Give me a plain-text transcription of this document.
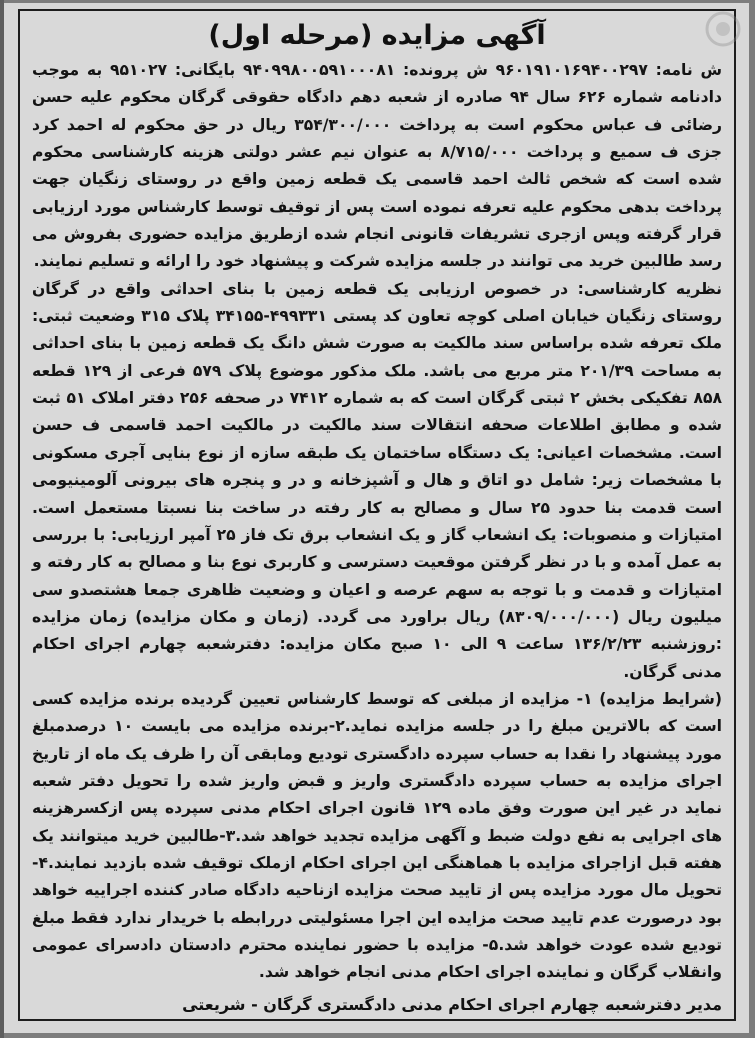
آگهی مزایده (مرحله اول)

ش نامه: ۹۶۰۱۹۱۰۱۶۹۴۰۰۲۹۷ ش پرونده: ۹۴۰۹۹۸۰۰۵۹۱۰۰۰۸۱ بایگانی: ۹۵۱۰۲۷ به موجب دادنامه شماره ۶۲۶ سال ۹۴ صادره از شعبه دهم دادگاه حقوقی گرگان محکوم علیه حسن رضائی ف عباس محکوم است به پرداخت ۳۵۴/۳۰۰/۰۰۰ ریال در حق محکوم له احمد کرد جزی ف سمیع و پرداخت ۸/۷۱۵/۰۰۰ به عنوان نیم عشر دولتی هزینه کارشناسی محکوم شده است که شخص ثالث احمد قاسمی یک قطعه زمین واقع در روستای زنگیان جهت پرداخت بدهی محکوم علیه تعرفه نموده است پس از توقیف توسط کارشناس مورد ارزیابی قرار گرفته وپس ازجری تشریفات قانونی انجام شده ازطریق مزایده حضوری بفروش می رسد طالبین خرید می توانند در جلسه مزایده شرکت و پیشنهاد خود را ارائه و تسلیم نمایند.

نظریه کارشناسی: در خصوص ارزیابی یک قطعه زمین با بنای احداثی واقع در گرگان روستای زنگیان خیابان اصلی کوچه تعاون کد پستی ۴۹۹۳۳۱-۳۴۱۵۵ پلاک ۳۱۵ وضعیت ثبتی: ملک تعرفه شده براساس سند مالکیت به صورت شش دانگ یک قطعه زمین با بنای احداثی به مساحت ۲۰۱/۳۹ متر مربع می باشد. ملک مذکور موضوع پلاک ۵۷۹ فرعی از ۱۲۹ قطعه ۸۵۸ تفکیکی بخش ۲ ثبتی گرگان است که به شماره ۷۴۱۲ در صحفه ۲۵۶ دفتر املاک ۵۱ ثبت شده و مطابق اطلاعات صحفه انتقالات سند مالکیت در مالکیت احمد قاسمی ف حسن است. مشخصات اعیانی: یک دستگاه ساختمان یک طبقه سازه از نوع بنایی آجری مسکونی با مشخصات زیر: شامل دو اتاق و هال و آشپزخانه و در و پنجره های بیرونی آلومینیومی است قدمت بنا حدود ۲۵ سال و مصالح به کار رفته در ساخت بنا نسبتا مستعمل است. امتیازات و منصوبات: یک انشعاب گاز و یک انشعاب برق تک فاز ۲۵ آمپر ارزیابی: با بررسی به عمل آمده و با در نظر گرفتن موقعیت دسترسی و کاربری نوع بنا و مصالح به کار رفته و امتیازات و قدمت و با توجه به سهم عرصه و اعیان و وضعیت ظاهری جمعا هشتصدو سی میلیون ریال (۸۳۰۹/۰۰۰/۰۰۰) ریال براورد می گردد. (زمان و مکان مزایده) زمان مزایده :روزشنبه ۱۳۶/۲/۲۳ ساعت ۹ الی ۱۰ صبح مکان مزایده: دفترشعبه چهارم اجرای احکام مدنی گرگان.

(شرایط مزایده) ۱- مزایده از مبلغی که توسط کارشناس تعیین گردیده برنده مزایده کسی است که بالاترین مبلغ را در جلسه مزایده نماید.۲-برنده مزایده می بایست ۱۰ درصدمبلغ مورد پیشنهاد را نقدا به حساب سپرده دادگستری تودیع ومابقی آن را ظرف یک ماه از تاریخ اجرای مزایده به حساب سپرده دادگستری واریز و قبض واریز شده را تحویل دفتر شعبه نماید در غیر این صورت وفق ماده ۱۲۹ قانون اجرای احکام مدنی سپرده پس ازکسرهزینه های اجرایی به نفع دولت ضبط و آگهی مزایده تجدید خواهد شد.۳-طالبین خرید میتوانند یک هفته قبل ازاجرای مزایده با هماهنگی این اجرای احکام ازملک توقیف شده بازدید نمایند.۴-تحویل مال مورد مزایده پس از تایید صحت مزایده ازناحیه دادگاه صادر کننده اجراییه خواهد بود درصورت عدم تایید صحت مزایده این اجرا مسئولیتی دررابطه با خریدار ندارد فقط مبلغ تودیع شده عودت خواهد شد.۵- مزایده با حضور نماینده محترم دادستان دادسرای عمومی وانقلاب گرگان و نماینده اجرای احکام مدنی انجام خواهد شد.

مدیر دفترشعبه چهارم اجرای احکام مدنی دادگستری گرگان - شریعتی
